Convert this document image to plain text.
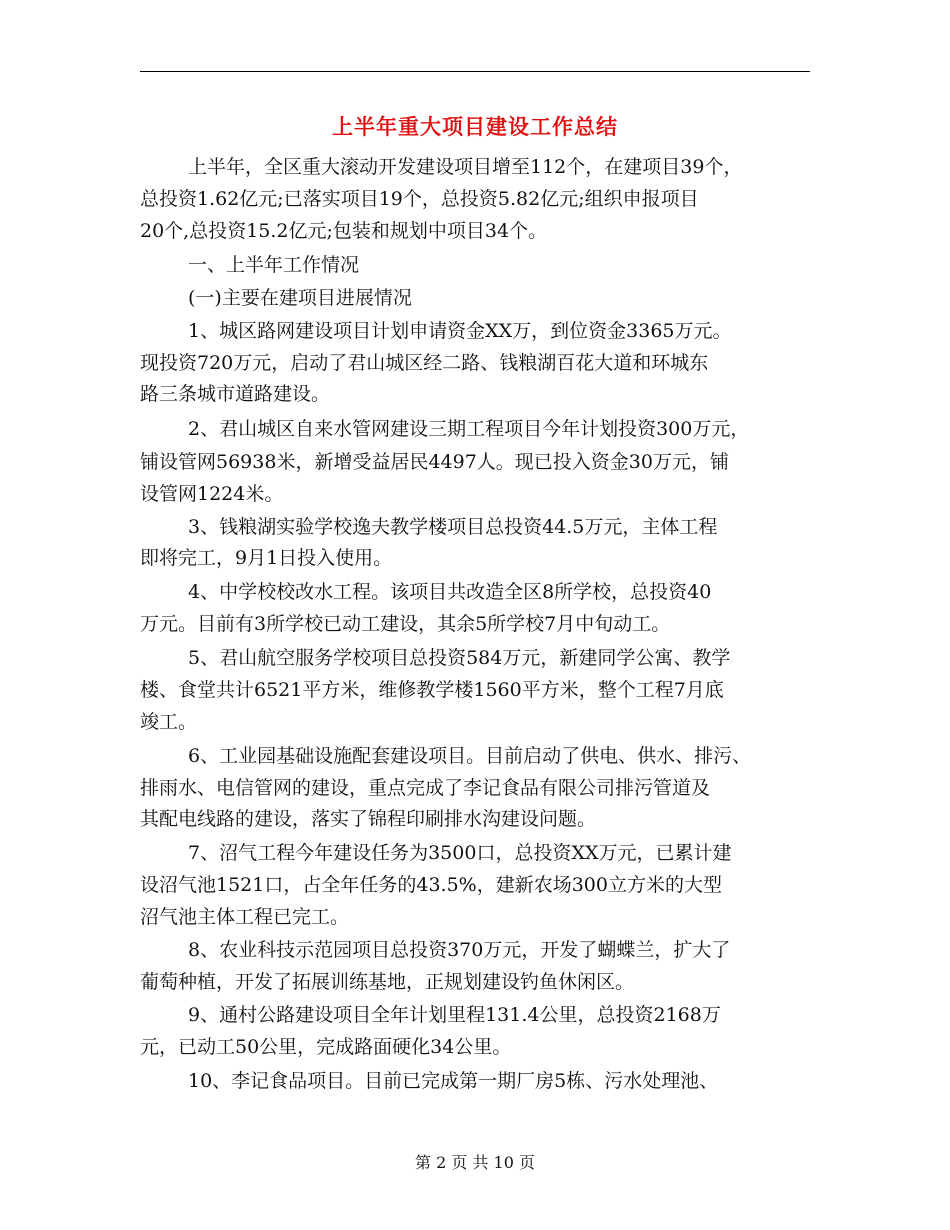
上半年重大项目建设工作总结

上半年，全区重大滚动开发建设项目增至112个，在建项目39个，

总投资1.62亿元;已落实项目19个，总投资5.82亿元;组织申报项目

20个,总投资15.2亿元;包装和规划中项目34个。

一、上半年工作情况

(一)主要在建项目进展情况

1、城区路网建设项目计划申请资金XX万，到位资金3365万元。

现投资720万元，启动了君山城区经二路、钱粮湖百花大道和环城东

路三条城市道路建设。

2、君山城区自来水管网建设三期工程项目今年计划投资300万元，

铺设管网56938米，新增受益居民4497人。现已投入资金30万元，铺

设管网1224米。

3、钱粮湖实验学校逸夫教学楼项目总投资44.5万元，主体工程

即将完工，9月1日投入使用。

4、中学校校改水工程。该项目共改造全区8所学校，总投资40

万元。目前有3所学校已动工建设，其余5所学校7月中旬动工。

5、君山航空服务学校项目总投资584万元，新建同学公寓、教学

楼、食堂共计6521平方米，维修教学楼1560平方米，整个工程7月底

竣工。

6、工业园基础设施配套建设项目。目前启动了供电、供水、排污、

排雨水、电信管网的建设，重点完成了李记食品有限公司排污管道及

其配电线路的建设，落实了锦程印刷排水沟建设问题。

7、沼气工程今年建设任务为3500口，总投资XX万元，已累计建

设沼气池1521口，占全年任务的43.5%，建新农场300立方米的大型

沼气池主体工程已完工。

8、农业科技示范园项目总投资370万元，开发了蝴蝶兰，扩大了

葡萄种植，开发了拓展训练基地，正规划建设钓鱼休闲区。

9、通村公路建设项目全年计划里程131.4公里，总投资2168万

元，已动工50公里，完成路面硬化34公里。

10、李记食品项目。目前已完成第一期厂房5栋、污水处理池、

第 2 页 共 10 页
